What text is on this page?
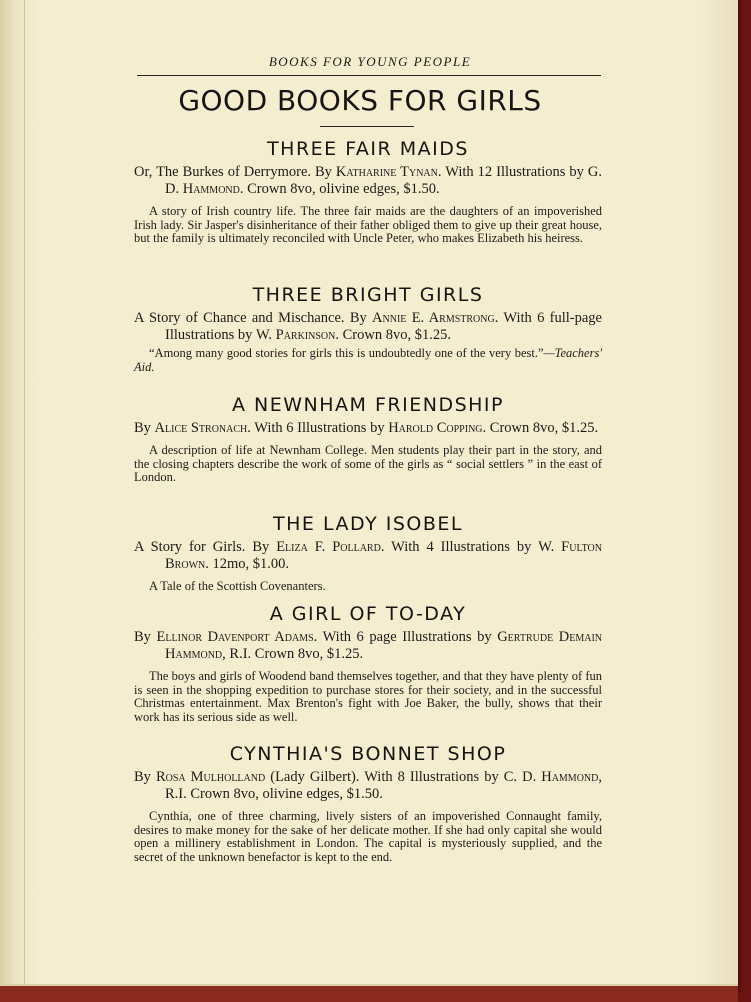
BOOKS FOR YOUNG PEOPLE
GOOD BOOKS FOR GIRLS
THREE FAIR MAIDS

Or, The Burkes of Derrymore. By Katharine Tynan. With 12 Illustrations by G. D. Hammond. Crown 8vo, olivine edges, $1.50.

A story of Irish country life. The three fair maids are the daughters of an impoverished Irish lady. Sir Jasper's disinheritance of their father obliged them to give up their great house, but the family is ultimately reconciled with Uncle Peter, who makes Elizabeth his heiress.

THREE BRIGHT GIRLS

A Story of Chance and Mischance. By Annie E. Armstrong. With 6 full-page Illustrations by W. Parkinson. Crown 8vo, $1.25.

“Among many good stories for girls this is undoubtedly one of the very best.”—Teachers' Aid.

A NEWNHAM FRIENDSHIP

By Alice Stronach. With 6 Illustrations by Harold Copping. Crown 8vo, $1.25.

A description of life at Newnham College. Men students play their part in the story, and the closing chapters describe the work of some of the girls as “ social settlers ” in the east of London.

THE LADY ISOBEL

A Story for Girls. By Eliza F. Pollard. With 4 Illustrations by W. Fulton Brown. 12mo, $1.00.

A Tale of the Scottish Covenanters.

A GIRL OF TO-DAY

By Ellinor Davenport Adams. With 6 page Illustrations by Gertrude Demain Hammond, R.I. Crown 8vo, $1.25.

The boys and girls of Woodend band themselves together, and that they have plenty of fun is seen in the shopping expedition to purchase stores for their society, and in the successful Christmas entertainment. Max Brenton's fight with Joe Baker, the bully, shows that their work has its serious side as well.

CYNTHIA'S BONNET SHOP

By Rosa Mulholland (Lady Gilbert). With 8 Illustrations by C. D. Hammond, R.I. Crown 8vo, olivine edges, $1.50.

Cynthia, one of three charming, lively sisters of an impoverished Connaught family, desires to make money for the sake of her delicate mother. If she had only capital she would open a millinery establishment in London. The capital is mysteriously supplied, and the secret of the unknown benefactor is kept to the end.
